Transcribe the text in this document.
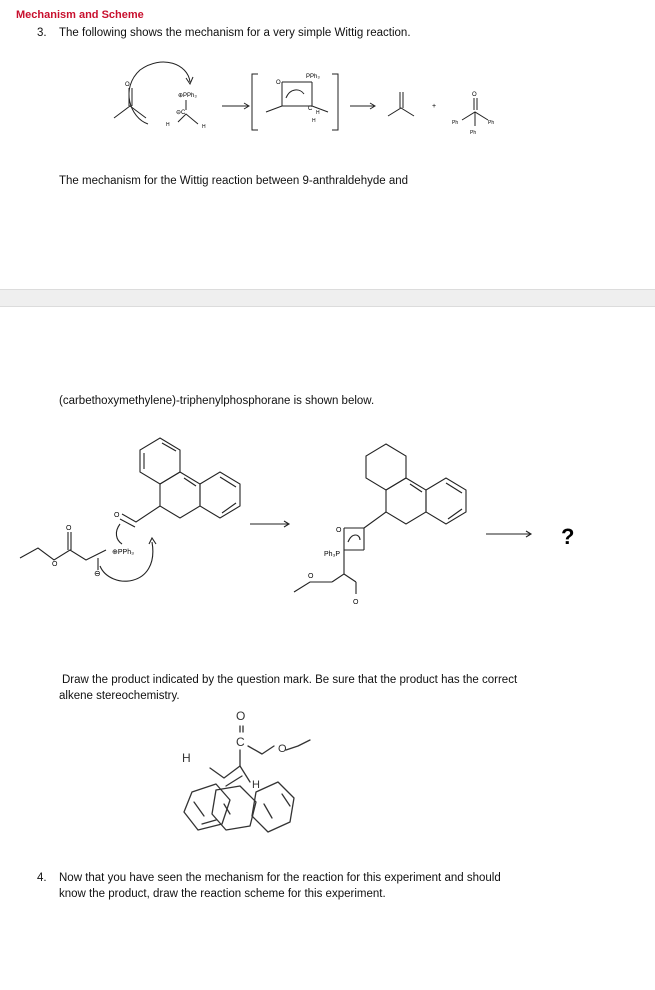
Mechanism and Scheme
3. The following shows the mechanism for a very simple Wittig reaction.
⊕PPh₃
⊖C
H	H
O	O
PPh₃
C
H
H
+
O
Ph	Ph
Ph
The mechanism for the Wittig reaction between 9-anthraldehyde and
(carbethoxymethylene)-triphenylphosphorane is shown below.
O
O
O
⊕PPh₃
⊖
O
Ph₃P
O
O
?
Draw the product indicated by the question mark. Be sure that the product has the correct
alkene stereochemistry.
H
O
C	O
H
4. Now that you have seen the mechanism for the reaction for this experiment and should
know the product, draw the reaction scheme for this experiment.
